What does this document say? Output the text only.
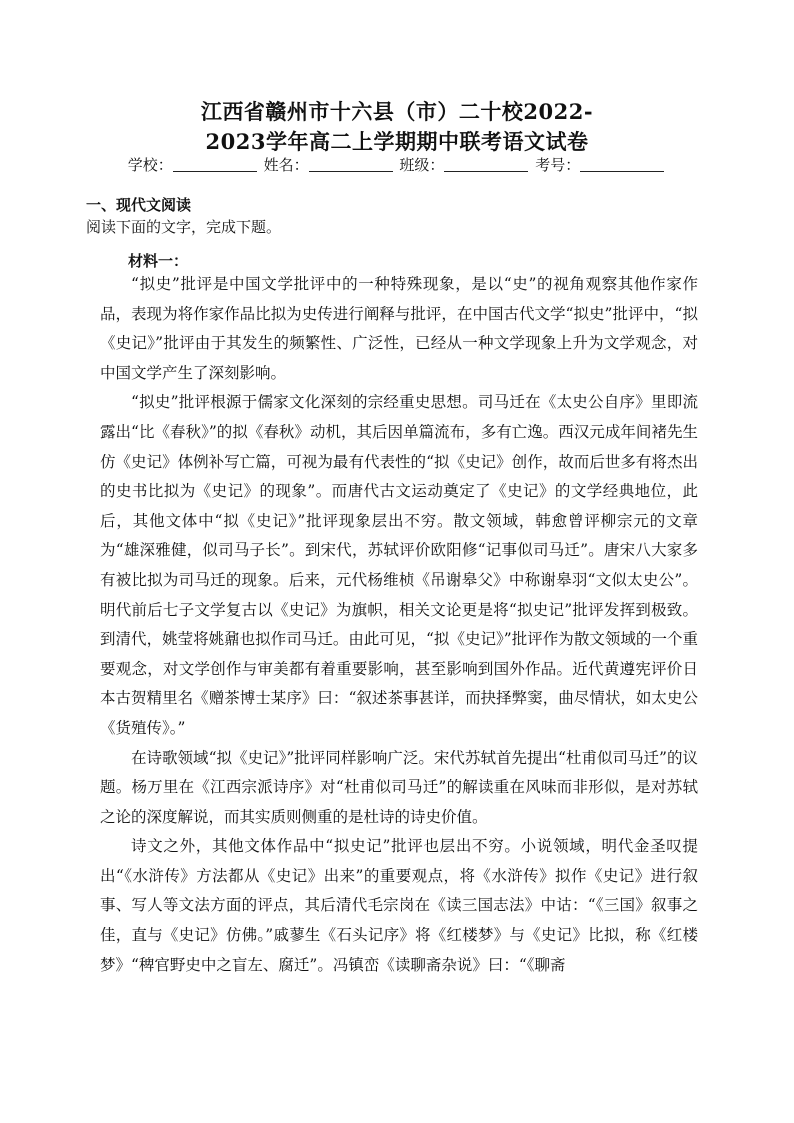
江西省赣州市十六县（市）二十校2022-
2023学年高二上学期期中联考语文试卷
学校：	姓名：	班级：	考号：
一、现代文阅读
阅读下面的文字，完成下题。
材料一：

“拟史”批评是中国文学批评中的一种特殊现象，是以“史”的视角观察其他作家作品，表现为将作家作品比拟为史传进行阐释与批评，在中国古代文学“拟史”批评中，“拟《史记》”批评由于其发生的频繁性、广泛性，已经从一种文学现象上升为文学观念，对中国文学产生了深刻影响。

“拟史”批评根源于儒家文化深刻的宗经重史思想。司马迁在《太史公自序》里即流露出“比《春秋》”的拟《春秋》动机，其后因单篇流布，多有亡逸。西汉元成年间褚先生仿《史记》体例补写亡篇，可视为最有代表性的“拟《史记》创作，故而后世多有将杰出的史书比拟为《史记》的现象”。而唐代古文运动奠定了《史记》的文学经典地位，此后，其他文体中“拟《史记》”批评现象层出不穷。散文领域，韩愈曾评柳宗元的文章为“雄深雅健，似司马子长”。到宋代，苏轼评价欧阳修“记事似司马迁”。唐宋八大家多有被比拟为司马迁的现象。后来，元代杨维桢《吊谢皋父》中称谢皋羽“文似太史公”。明代前后七子文学复古以《史记》为旗帜，相关文论更是将“拟史记”批评发挥到极致。到清代，姚莹将姚鼐也拟作司马迁。由此可见，“拟《史记》”批评作为散文领域的一个重要观念，对文学创作与审美都有着重要影响，甚至影响到国外作品。近代黄遵宪评价日本古贺精里名《赠茶博士某序》曰：“叙述茶事甚详，而抉择弊窦，曲尽情状，如太史公《货殖传》。”

在诗歌领域“拟《史记》”批评同样影响广泛。宋代苏轼首先提出“杜甫似司马迁”的议题。杨万里在《江西宗派诗序》对“杜甫似司马迁”的解读重在风味而非形似，是对苏轼之论的深度解说，而其实质则侧重的是杜诗的诗史价值。

诗文之外，其他文体作品中“拟史记”批评也层出不穷。小说领域，明代金圣叹提出“《水浒传》方法都从《史记》出来”的重要观点，将《水浒传》拟作《史记》进行叙事、写人等文法方面的评点，其后清代毛宗岗在《读三国志法》中诂：“《三国》叙事之佳，直与《史记》仿佛。”戚蓼生《石头记序》将《红楼梦》与《史记》比拟，称《红楼梦》“稗官野史中之盲左、腐迁”。冯镇峦《读聊斋杂说》曰：“《聊斋
